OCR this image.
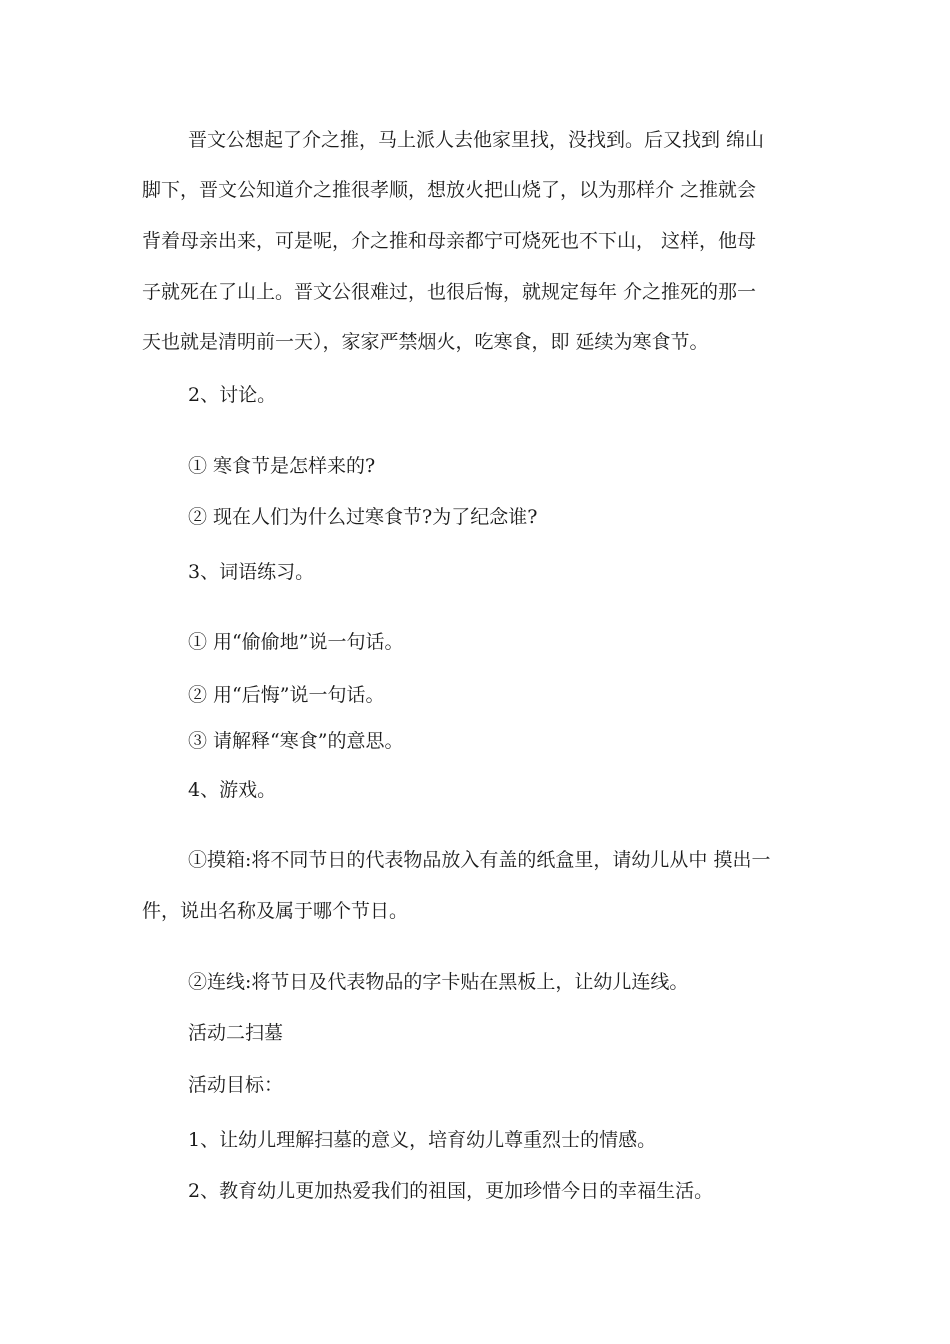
晋文公想起了介之推，马上派人去他家里找，没找到。后又找到 绵山
脚下，晋文公知道介之推很孝顺，想放火把山烧了，以为那样介 之推就会
背着母亲出来，可是呢，介之推和母亲都宁可烧死也不下山， 这样，他母
子就死在了山上。晋文公很难过，也很后悔，就规定每年 介之推死的那一
天也就是清明前一天），家家严禁烟火，吃寒食，即 延续为寒食节。
2、讨论。
① 寒食节是怎样来的?
② 现在人们为什么过寒食节?为了纪念谁?
3、词语练习。
① 用“偷偷地”说一句话。
② 用“后悔”说一句话。
③ 请解释“寒食”的意思。
4、游戏。
①摸箱:将不同节日的代表物品放入有盖的纸盒里，请幼儿从中 摸出一
件，说出名称及属于哪个节日。
②连线:将节日及代表物品的字卡贴在黑板上，让幼儿连线。
活动二扫墓
活动目标：
1、让幼儿理解扫墓的意义，培育幼儿尊重烈士的情感。
2、教育幼儿更加热爱我们的祖国，更加珍惜今日的幸福生活。
